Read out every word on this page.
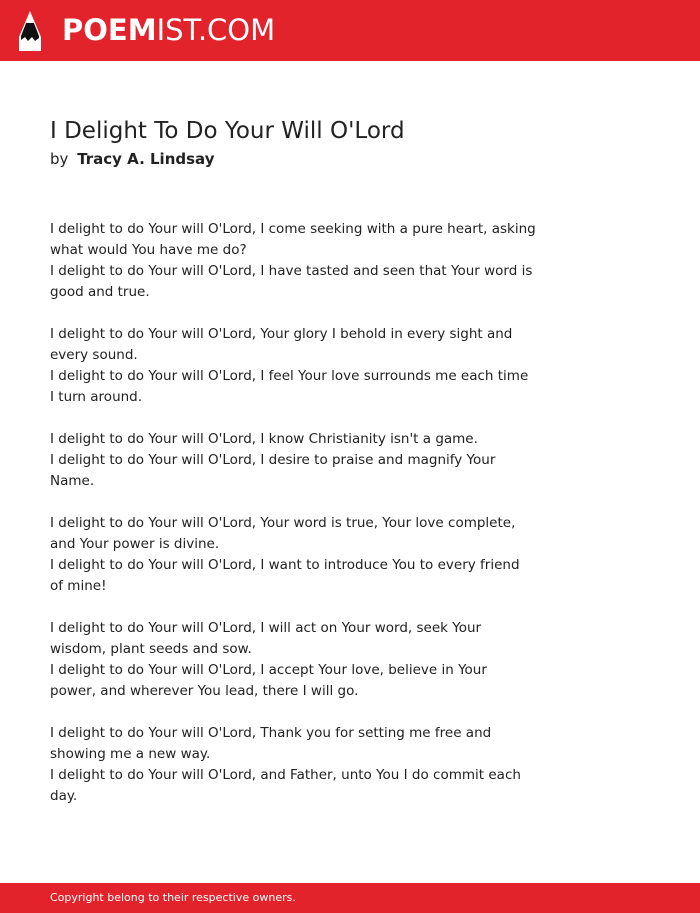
POEMIST.COM
I Delight To Do Your Will O'Lord
by Tracy A. Lindsay
I delight to do Your will O'Lord, I come seeking with a pure heart, asking
what would You have me do?
I delight to do Your will O'Lord, I have tasted and seen that Your word is
good and true.
I delight to do Your will O'Lord, Your glory I behold in every sight and
every sound.
I delight to do Your will O'Lord, I feel Your love surrounds me each time
I turn around.
I delight to do Your will O'Lord, I know Christianity isn't a game.
I delight to do Your will O'Lord, I desire to praise and magnify Your
Name.
I delight to do Your will O'Lord, Your word is true, Your love complete,
and Your power is divine.
I delight to do Your will O'Lord, I want to introduce You to every friend
of mine!
I delight to do Your will O'Lord, I will act on Your word, seek Your
wisdom, plant seeds and sow.
I delight to do Your will O'Lord, I accept Your love, believe in Your
power, and wherever You lead, there I will go.
I delight to do Your will O'Lord, Thank you for setting me free and
showing me a new way.
I delight to do Your will O'Lord, and Father, unto You I do commit each
day.
Copyright belong to their respective owners.
